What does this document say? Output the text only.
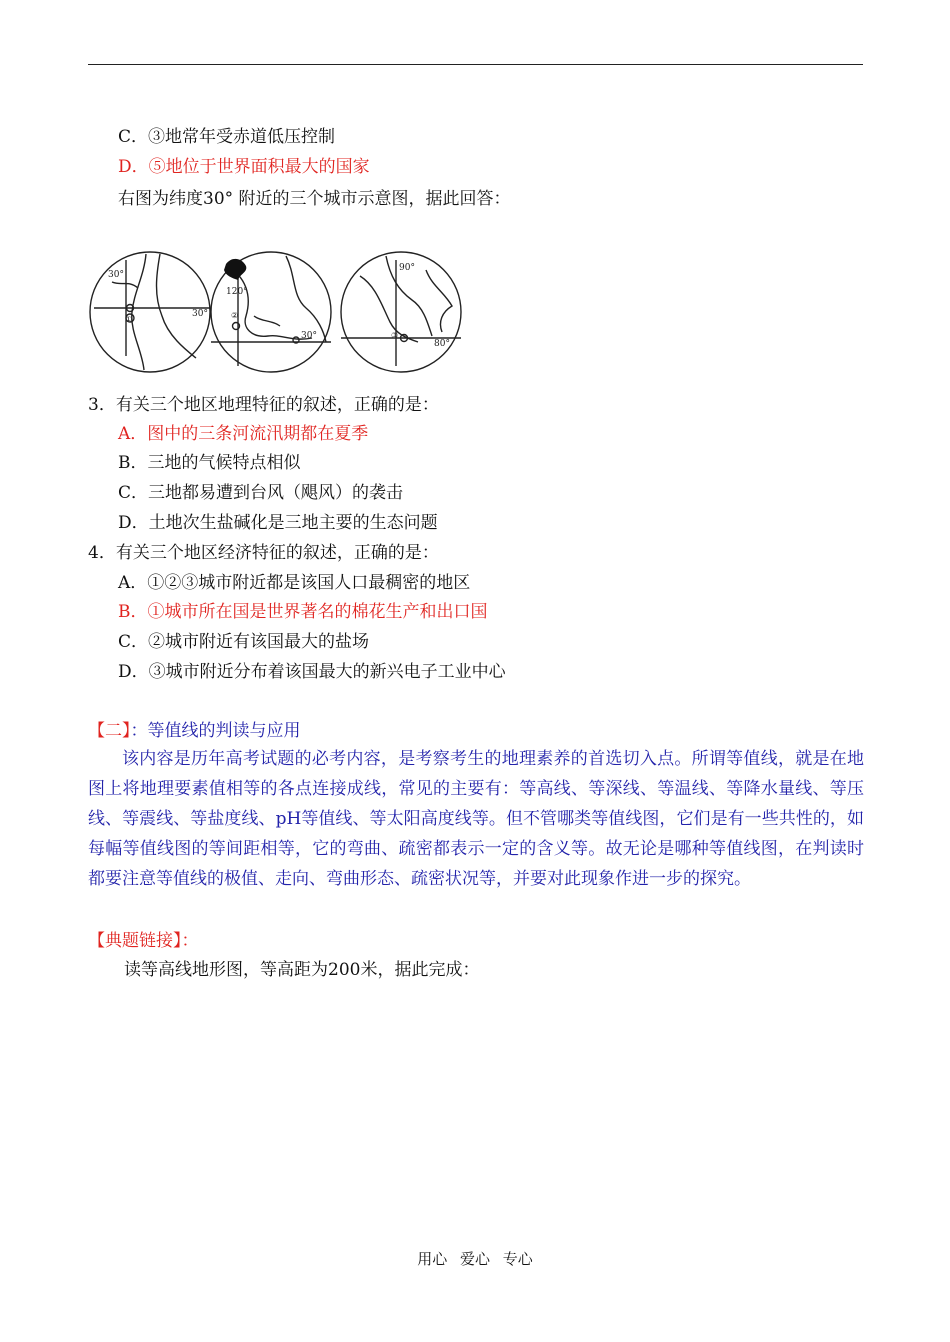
C．③地常年受赤道低压控制
D．⑤地位于世界面积最大的国家
右图为纬度30° 附近的三个城市示意图，据此回答：
30°
30°
①
120°
30°
②
90°
80°
③
3．有关三个地区地理特征的叙述，正确的是：
A．图中的三条河流汛期都在夏季
B．三地的气候特点相似
C．三地都易遭到台风（飓风）的袭击
D．土地次生盐碱化是三地主要的生态问题
4．有关三个地区经济特征的叙述，正确的是：
A．①②③城市附近都是该国人口最稠密的地区
B．①城市所在国是世界著名的棉花生产和出口国
C．②城市附近有该国最大的盐场
D．③城市附近分布着该国最大的新兴电子工业中心
【二】：等值线的判读与应用
该内容是历年高考试题的必考内容，是考察考生的地理素养的首选切入点。所谓等值线，就是在地图上将地理要素值相等的各点连接成线，常见的主要有：等高线、等深线、等温线、等降水量线、等压线、等震线、等盐度线、pH等值线、等太阳高度线等。但不管哪类等值线图，它们是有一些共性的，如每幅等值线图的等间距相等，它的弯曲、疏密都表示一定的含义等。故无论是哪种等值线图，在判读时都要注意等值线的极值、走向、弯曲形态、疏密状况等，并要对此现象作进一步的探究。
【典题链接】：
读等高线地形图，等高距为200米，据此完成：
用心 爱心 专心
